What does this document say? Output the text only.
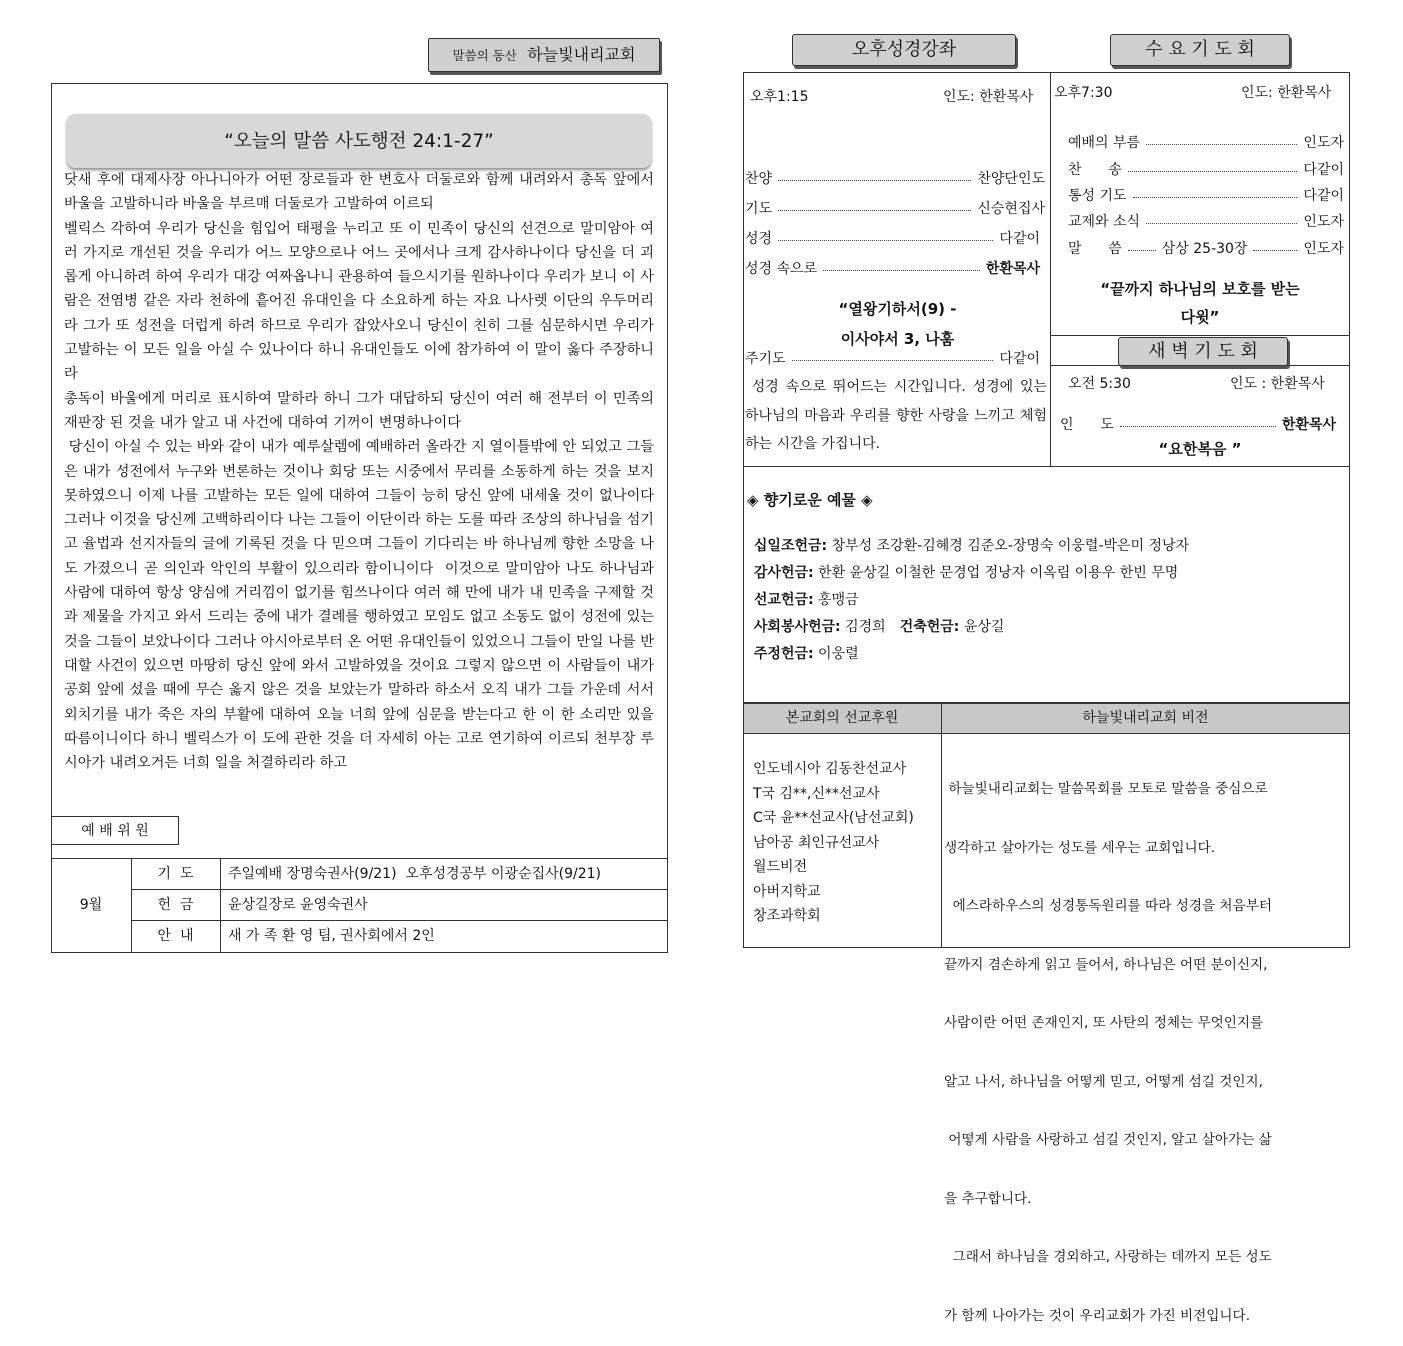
말씀의 동산 하늘빛내리교회
“오늘의 말씀 사도행전 24:1-27”

닷새 후에 대제사장 아나니아가 어떤 장로들과 한 변호사 더둘로와 함께 내려와서 총독 앞에서 바울을 고발하니라 바울을 부르매 더둘로가 고발하여 이르되

벨릭스 각하여 우리가 당신을 힘입어 태평을 누리고 또 이 민족이 당신의 선견으로 말미암아 여러 가지로 개선된 것을 우리가 어느 모양으로나 어느 곳에서나 크게 감사하나이다 당신을 더 괴롭게 아니하려 하여 우리가 대강 여짜옵나니 관용하여 들으시기를 원하나이다 우리가 보니 이 사람은 전염병 같은 자라 천하에 흩어진 유대인을 다 소요하게 하는 자요 나사렛 이단의 우두머리라 그가 또 성전을 더럽게 하려 하므로 우리가 잡았사오니 당신이 친히 그를 심문하시면 우리가 고발하는 이 모든 일을 아실 수 있나이다 하니 유대인들도 이에 참가하여 이 말이 옳다 주장하니라

총독이 바울에게 머리로 표시하여 말하라 하니 그가 대답하되 당신이 여러 해 전부터 이 민족의 재판장 된 것을 내가 알고 내 사건에 대하여 기꺼이 변명하나이다

당신이 아실 수 있는 바와 같이 내가 예루살렘에 예배하러 올라간 지 열이틀밖에 안 되었고 그들은 내가 성전에서 누구와 변론하는 것이나 회당 또는 시중에서 무리를 소동하게 하는 것을 보지 못하였으니 이제 나를 고발하는 모든 일에 대하여 그들이 능히 당신 앞에 내세울 것이 없나이다 그러나 이것을 당신께 고백하리이다 나는 그들이 이단이라 하는 도를 따라 조상의 하나님을 섬기고 율법과 선지자들의 글에 기록된 것을 다 믿으며 그들이 기다리는 바 하나님께 향한 소망을 나도 가졌으니 곧 의인과 악인의 부활이 있으리라 함이니이다  이것으로 말미암아 나도 하나님과 사람에 대하여 항상 양심에 거리낌이 없기를 힘쓰나이다 여러 해 만에 내가 내 민족을 구제할 것과 제물을 가지고 와서 드리는 중에 내가 결례를 행하였고 모임도 없고 소동도 없이 성전에 있는 것을 그들이 보았나이다 그러나 아시아로부터 온 어떤 유대인들이 있었으니 그들이 만일 나를 반대할 사건이 있으면 마땅히 당신 앞에 와서 고발하였을 것이요 그렇지 않으면 이 사람들이 내가 공회 앞에 섰을 때에 무슨 옳지 않은 것을 보았는가 말하라 하소서 오직 내가 그들 가운데 서서 외치기를 내가 죽은 자의 부활에 대하여 오늘 너희 앞에 심문을 받는다고 한 이 한 소리만 있을 따름이니이다 하니 벨릭스가 이 도에 관한 것을 더 자세히 아는 고로 연기하여 이르되 천부장 루시아가 내려오거든 너희 일을 처결하리라 하고

예 배 위 원
9월
기  도	주일예배 장명숙권사(9/21)  오후성경공부 이광순집사(9/21)
헌  금	윤상길장로 윤영숙권사
안  내	새 가 족 환 영 팀, 권사회에서 2인
오후성경강좌	수 요 기 도 회
오후1:15	인도: 한환목사
찬양	찬양단인도
기도	신승현집사
성경	다같이
성경 속으로	한환목사
“열왕기하서(9) -
이사야서 3, 나훔
주기도	다같이
성경 속으로 뛰어드는 시간입니다. 성경에 있는 하나님의 마음과 우리를 향한 사랑을 느끼고 체험하는 시간을 가집니다.
오후7:30	인도: 한환목사
예배의 부름	인도자
찬      송	다같이
통성 기도	다같이
교제와 소식	인도자
말      씀	삼상 25-30장	인도자
“끝까지 하나님의 보호를 받는
다윗”
새 벽 기 도 회
오전 5:30	인도 : 한환목사
인      도	한환목사
“요한복음 ”
◈ 향기로운 예물 ◈

십일조헌금: 창부성 조강환-김혜경 김준오-장명숙 이웅렬-박은미 정낭자

감사헌금: 한환 윤상길 이철한 문경업 정낭자 이옥림 이용우 한빈 무명

선교헌금: 홍맹금

사회봉사헌금: 김경희 건축헌금: 윤상길

주정헌금: 이웅렬

본교회의 선교후원	하늘빛내리교회 비전
인도네시아 김동찬선교사
T국 김**,신**선교사
C국 윤**선교사(남선교회)
남아공 최인규선교사
월드비전
아버지학교
창조과학회

하늘빛내리교회는 말씀목회를 모토로 말씀을 중심으로

생각하고 살아가는 성도를 세우는 교회입니다.

에스라하우스의 성경통독원리를 따라 성경을 처음부터

끝까지 겸손하게 읽고 들어서, 하나님은 어떤 분이신지,

사람이란 어떤 존재인지, 또 사탄의 정체는 무엇인지를

알고 나서, 하나님을 어떻게 믿고, 어떻게 섬길 것인지,

어떻게 사람을 사랑하고 섬길 것인지, 알고 살아가는 삶

을 추구합니다.

그래서 하나님을 경외하고, 사랑하는 데까지 모든 성도

가 함께 나아가는 것이 우리교회가 가진 비전입니다.
